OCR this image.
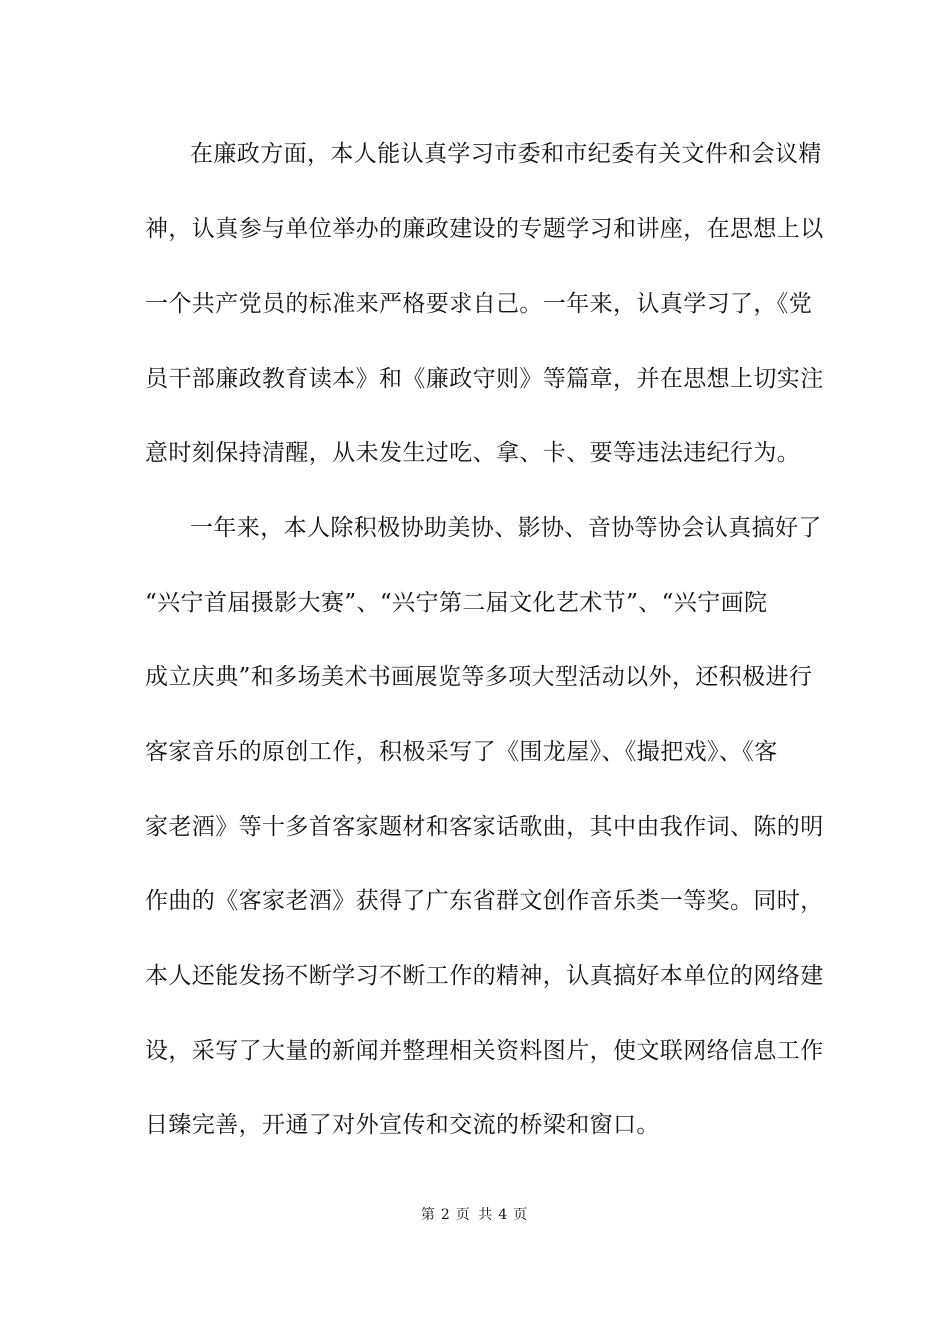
在廉政方面，本人能认真学习市委和市纪委有关文件和会议精
神，认真参与单位举办的廉政建设的专题学习和讲座，在思想上以
一个共产党员的标准来严格要求自己。一年来，认真学习了，《党
员干部廉政教育读本》和《廉政守则》等篇章，并在思想上切实注
意时刻保持清醒，从未发生过吃、拿、卡、要等违法违纪行为。
一年来，本人除积极协助美协、影协、音协等协会认真搞好了
“兴宁首届摄影大赛”、“兴宁第二届文化艺术节”、“兴宁画院
成立庆典”和多场美术书画展览等多项大型活动以外，还积极进行
客家音乐的原创工作，积极采写了《围龙屋》、《撮把戏》、《客
家老酒》等十多首客家题材和客家话歌曲，其中由我作词、陈的明
作曲的《客家老酒》获得了广东省群文创作音乐类一等奖。同时，
本人还能发扬不断学习不断工作的精神，认真搞好本单位的网络建
设，采写了大量的新闻并整理相关资料图片，使文联网络信息工作
日臻完善，开通了对外宣传和交流的桥梁和窗口。
第 2 页 共 4 页
